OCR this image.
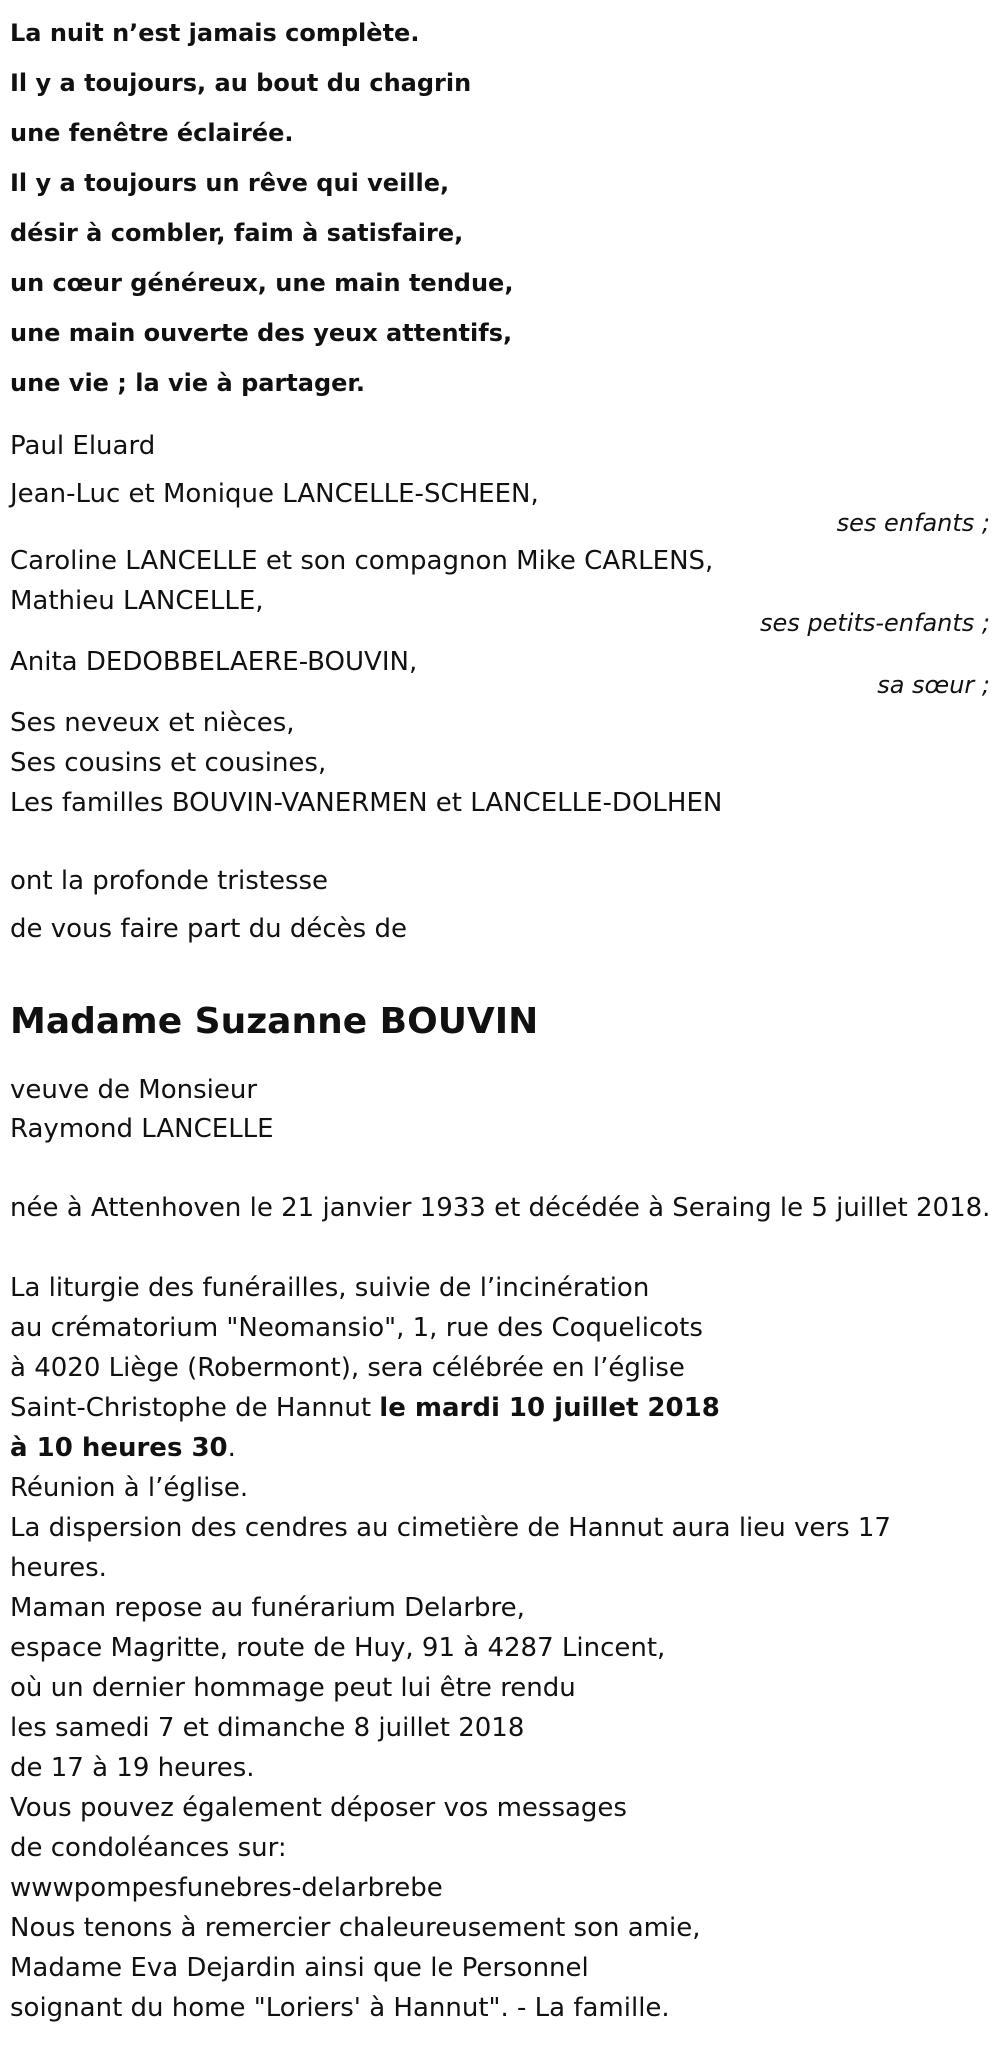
La nuit n’est jamais complète.
Il y a toujours, au bout du chagrin
une fenêtre éclairée.
Il y a toujours un rêve qui veille,
désir à combler, faim à satisfaire,
un cœur généreux, une main tendue,
une main ouverte des yeux attentifs,
une vie ; la vie à partager.
Paul Eluard
Jean-Luc et Monique LANCELLE-SCHEEN,
ses enfants ;
Caroline LANCELLE et son compagnon Mike CARLENS,
Mathieu LANCELLE,
ses petits-enfants ;
Anita DEDOBBELAERE-BOUVIN,
sa sœur ;
Ses neveux et nièces,
Ses cousins et cousines,
Les familles BOUVIN-VANERMEN et LANCELLE-DOLHEN
ont la profonde tristesse
de vous faire part du décès de
Madame Suzanne BOUVIN
veuve de Monsieur
Raymond LANCELLE
née à Attenhoven le 21 janvier 1933 et décédée à Seraing le 5 juillet 2018.
La liturgie des funérailles, suivie de l’incinération
au crématorium "Neomansio", 1, rue des Coquelicots
à 4020 Liège (Robermont), sera célébrée en l’église
Saint-Christophe de Hannut le mardi 10 juillet 2018
à 10 heures 30.
Réunion à l’église.
La dispersion des cendres au cimetière de Hannut aura lieu vers 17
heures.
Maman repose au funérarium Delarbre,
espace Magritte, route de Huy, 91 à 4287 Lincent,
où un dernier hommage peut lui être rendu
les samedi 7 et dimanche 8 juillet 2018
de 17 à 19 heures.
Vous pouvez également déposer vos messages
de condoléances sur:
wwwpompesfunebres-delarbrebe
Nous tenons à remercier chaleureusement son amie,
Madame Eva Dejardin ainsi que le Personnel
soignant du home "Loriers' à Hannut". - La famille.
